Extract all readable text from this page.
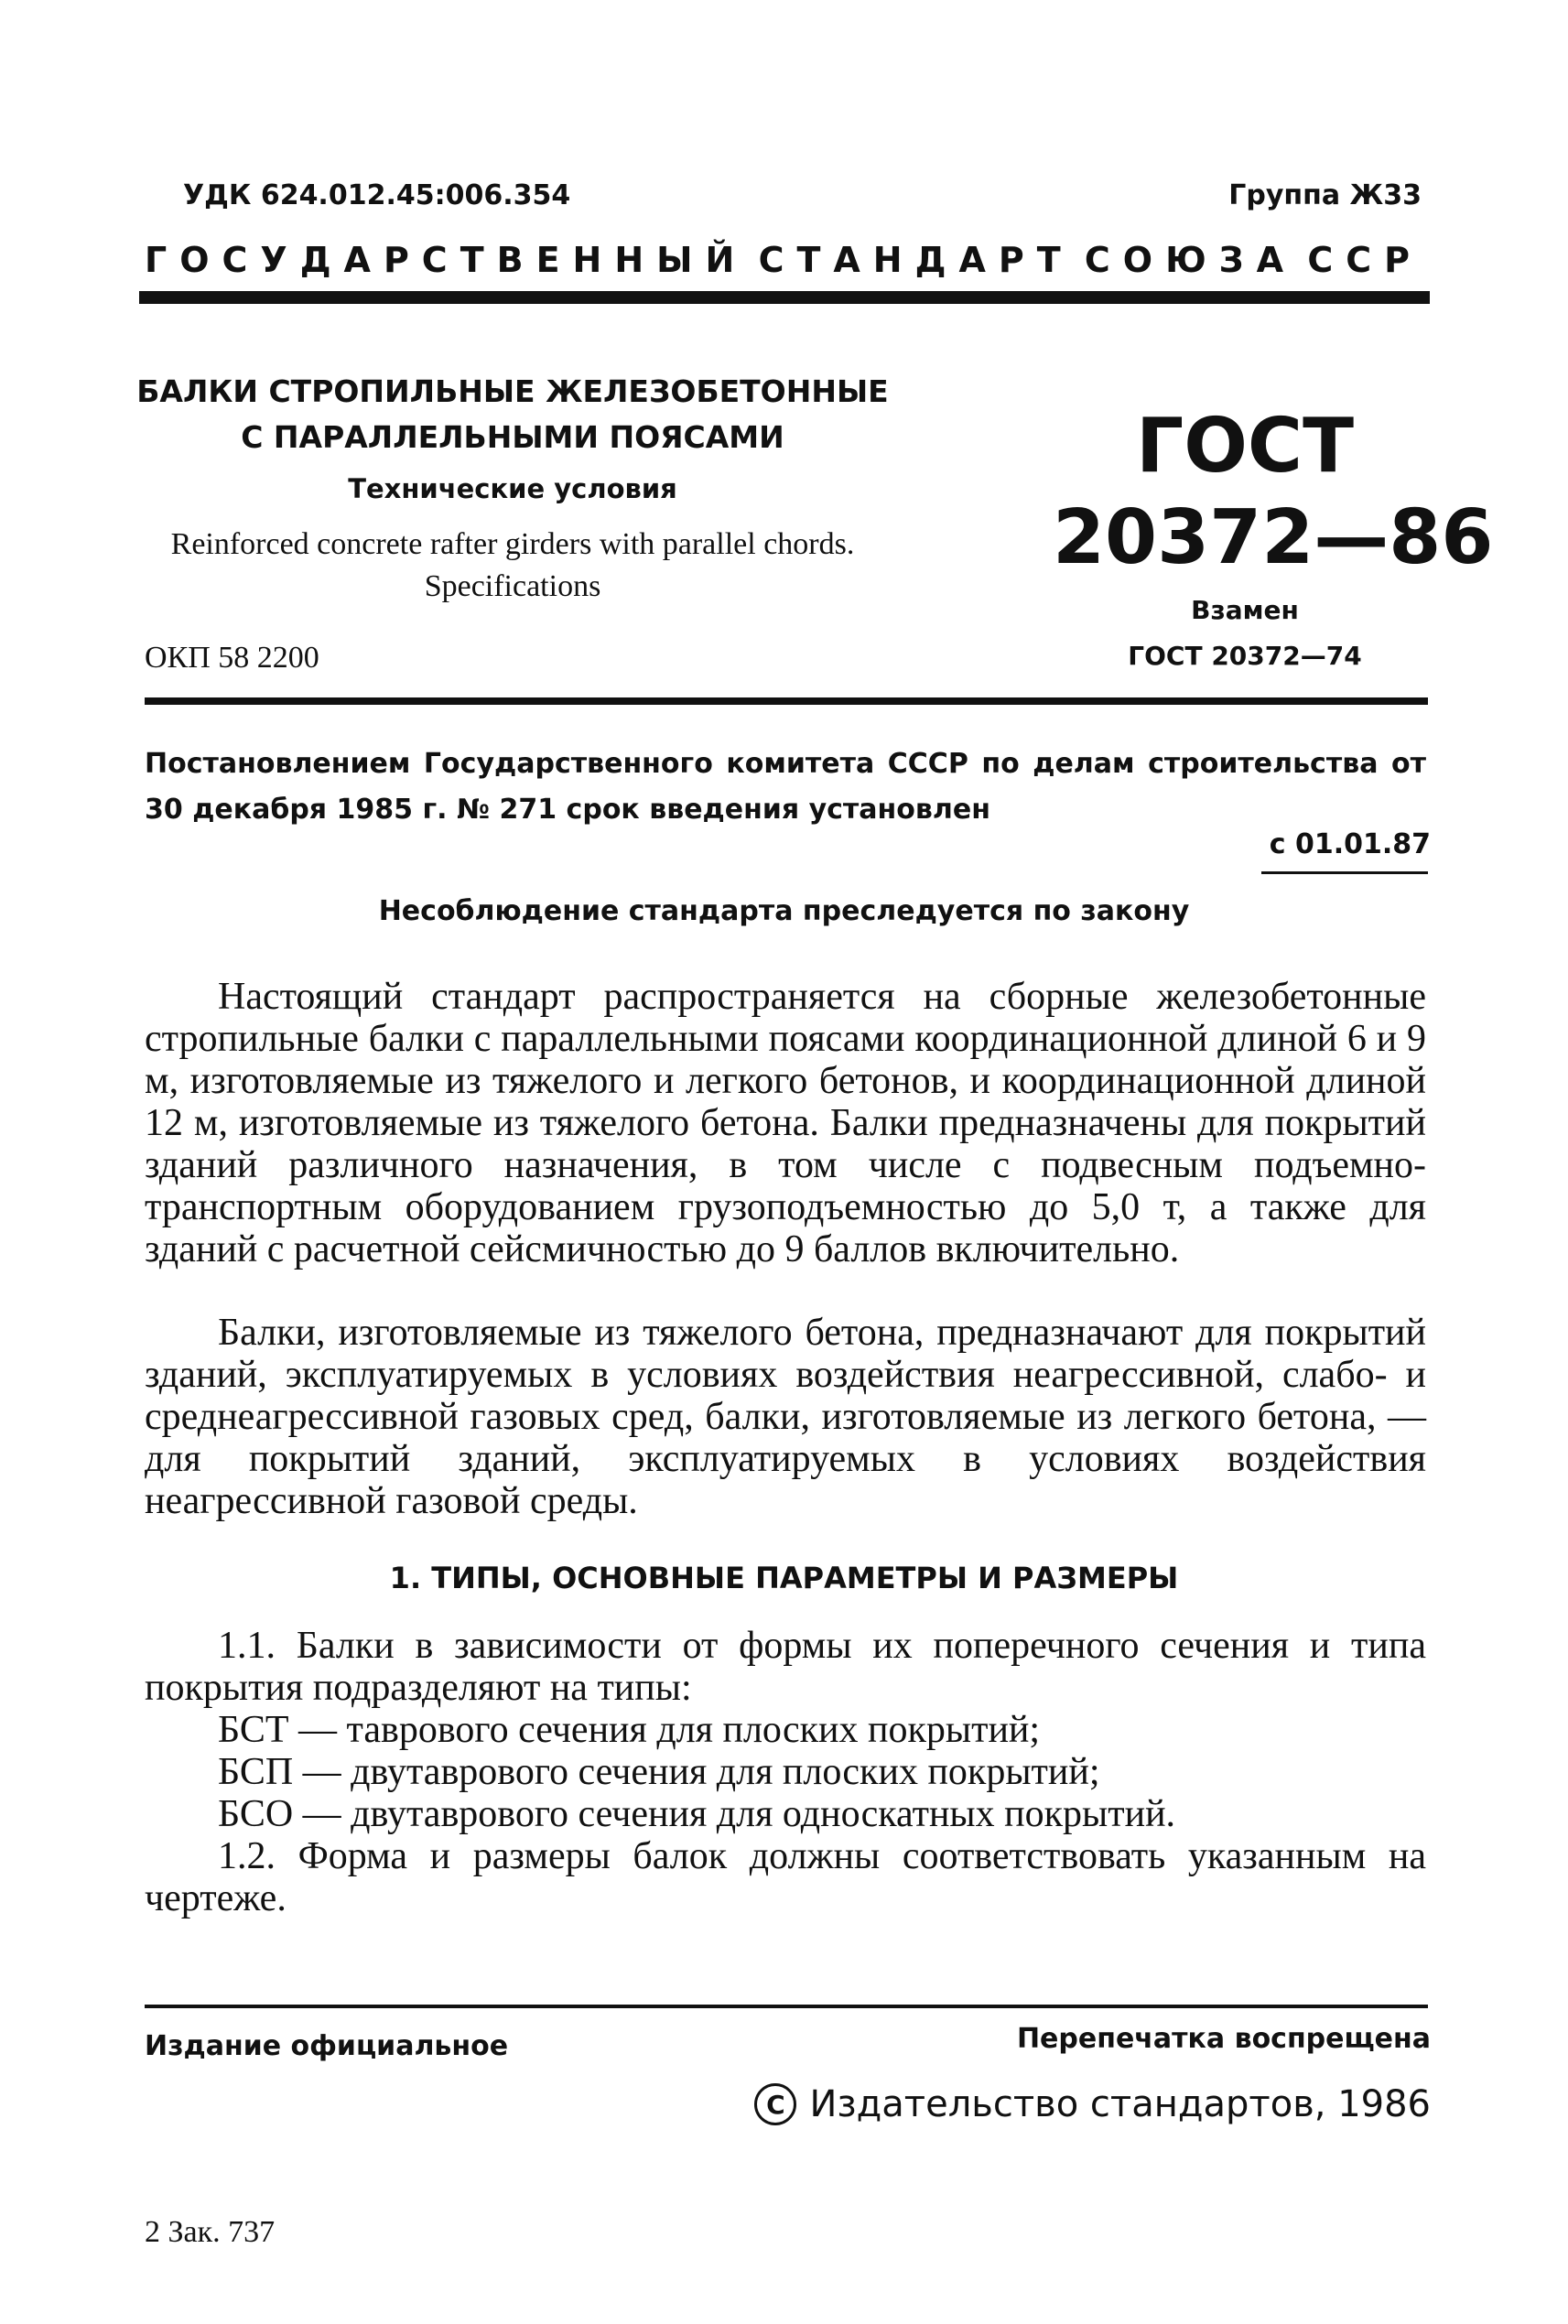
УДК 624.012.45:006.354	Группа Ж33
ГОСУДАРСТВЕННЫЙ СТАНДАРТ СОЮЗА ССР
БАЛКИ СТРОПИЛЬНЫЕ ЖЕЛЕЗОБЕТОННЫЕ
С ПАРАЛЛЕЛЬНЫМИ ПОЯСАМИ
Технические условия
Reinforced concrete rafter girders with parallel chords.
Specifications
ОКП 58 2200
ГОСТ
20372—86
Взамен
ГОСТ 20372—74
Постановлением Государственного комитета СССР по делам строительства от 30 декабря 1985 г. № 271 срок введения установлен
с 01.01.87
Несоблюдение стандарта преследуется по закону

Настоящий стандарт распространяется на сборные железобетонные стропильные балки с параллельными поясами координационной длиной 6 и 9 м, изготовляемые из тяжелого и легкого бетонов, и координационной длиной 12 м, изготовляемые из тяжелого бетона. Балки предназначены для покрытий зданий различного назначения, в том числе с подвесным подъемно-транспортным оборудованием грузоподъемностью до 5,0 т, а также для зданий с расчетной сейсмичностью до 9 баллов включительно.

Балки, изготовляемые из тяжелого бетона, предназначают для покрытий зданий, эксплуатируемых в условиях воздействия неагрессивной, слабо- и среднеагрессивной газовых сред, балки, изготовляемые из легкого бетона, — для покрытий зданий, эксплуатируемых в условиях воздействия неагрессивной газовой среды.

1. ТИПЫ, ОСНОВНЫЕ ПАРАМЕТРЫ И РАЗМЕРЫ

1.1. Балки в зависимости от формы их поперечного сечения и типа покрытия подразделяют на типы:

БСТ — таврового сечения для плоских покрытий;

БСП — двутаврового сечения для плоских покрытий;

БСО — двутаврового сечения для односкатных покрытий.

1.2. Форма и размеры балок должны соответствовать указанным на чертеже.

Издание официальное	Перепечатка воспрещена
C Издательство стандартов, 1986
2 Зак. 737
